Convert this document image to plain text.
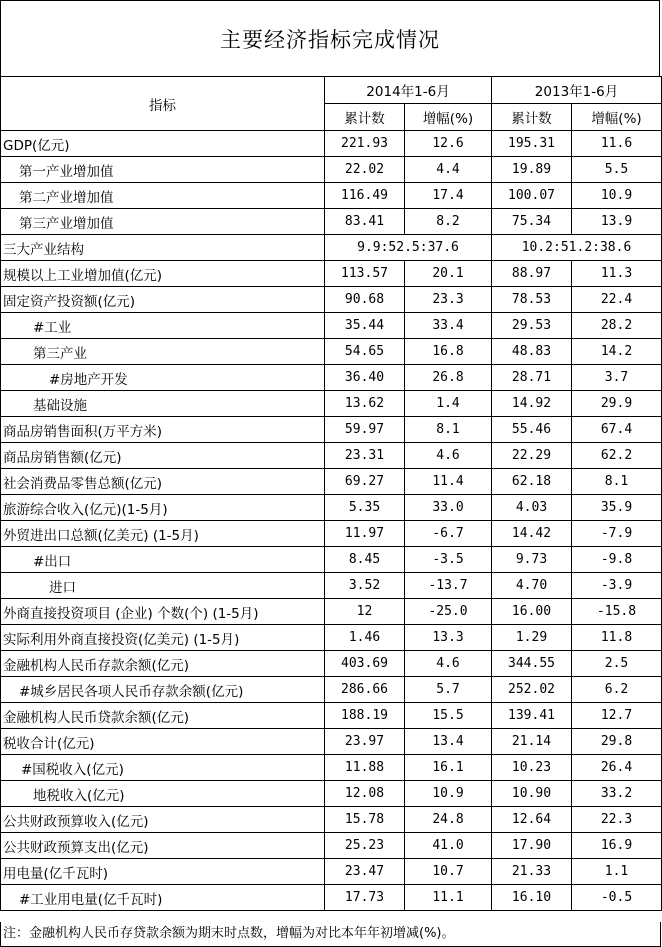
主要经济指标完成情况
指标	2014年1-6月		2013年1-6月	
	累计数	增幅(%)	累计数	增幅(%)
GDP(亿元)	221.93	12.6	195.31	11.6
第一产业增加值	22.02	4.4	19.89	5.5
第二产业增加值	116.49	17.4	100.07	10.9
第三产业增加值	83.41	8.2	75.34	13.9
三大产业结构	9.9:52.5:37.6		10.2:51.2:38.6	
规模以上工业增加值(亿元)	113.57	20.1	88.97	11.3
固定资产投资额(亿元)	90.68	23.3	78.53	22.4
#工业	35.44	33.4	29.53	28.2
第三产业	54.65	16.8	48.83	14.2
#房地产开发	36.40	26.8	28.71	3.7
基础设施	13.62	1.4	14.92	29.9
商品房销售面积(万平方米)	59.97	8.1	55.46	67.4
商品房销售额(亿元)	23.31	4.6	22.29	62.2
社会消费品零售总额(亿元)	69.27	11.4	62.18	8.1
旅游综合收入(亿元)(1-5月)	5.35	33.0	4.03	35.9
外贸进出口总额(亿美元) (1-5月)	11.97	-6.7	14.42	-7.9
#出口	8.45	-3.5	9.73	-9.8
进口	3.52	-13.7	4.70	-3.9
外商直接投资项目 (企业) 个数(个) (1-5月)	12	-25.0	16.00	-15.8
实际利用外商直接投资(亿美元) (1-5月)	1.46	13.3	1.29	11.8
金融机构人民币存款余额(亿元)	403.69	4.6	344.55	2.5
#城乡居民各项人民币存款余额(亿元)	286.66	5.7	252.02	6.2
金融机构人民币贷款余额(亿元)	188.19	15.5	139.41	12.7
税收合计(亿元)	23.97	13.4	21.14	29.8
#国税收入(亿元)	11.88	16.1	10.23	26.4
地税收入(亿元)	12.08	10.9	10.90	33.2
公共财政预算收入(亿元)	15.78	24.8	12.64	22.3
公共财政预算支出(亿元)	25.23	41.0	17.90	16.9
用电量(亿千瓦时)	23.47	10.7	21.33	1.1
#工业用电量(亿千瓦时)	17.73	11.1	16.10	-0.5
注：金融机构人民币存贷款余额为期末时点数，增幅为对比本年年初增减(%)。
